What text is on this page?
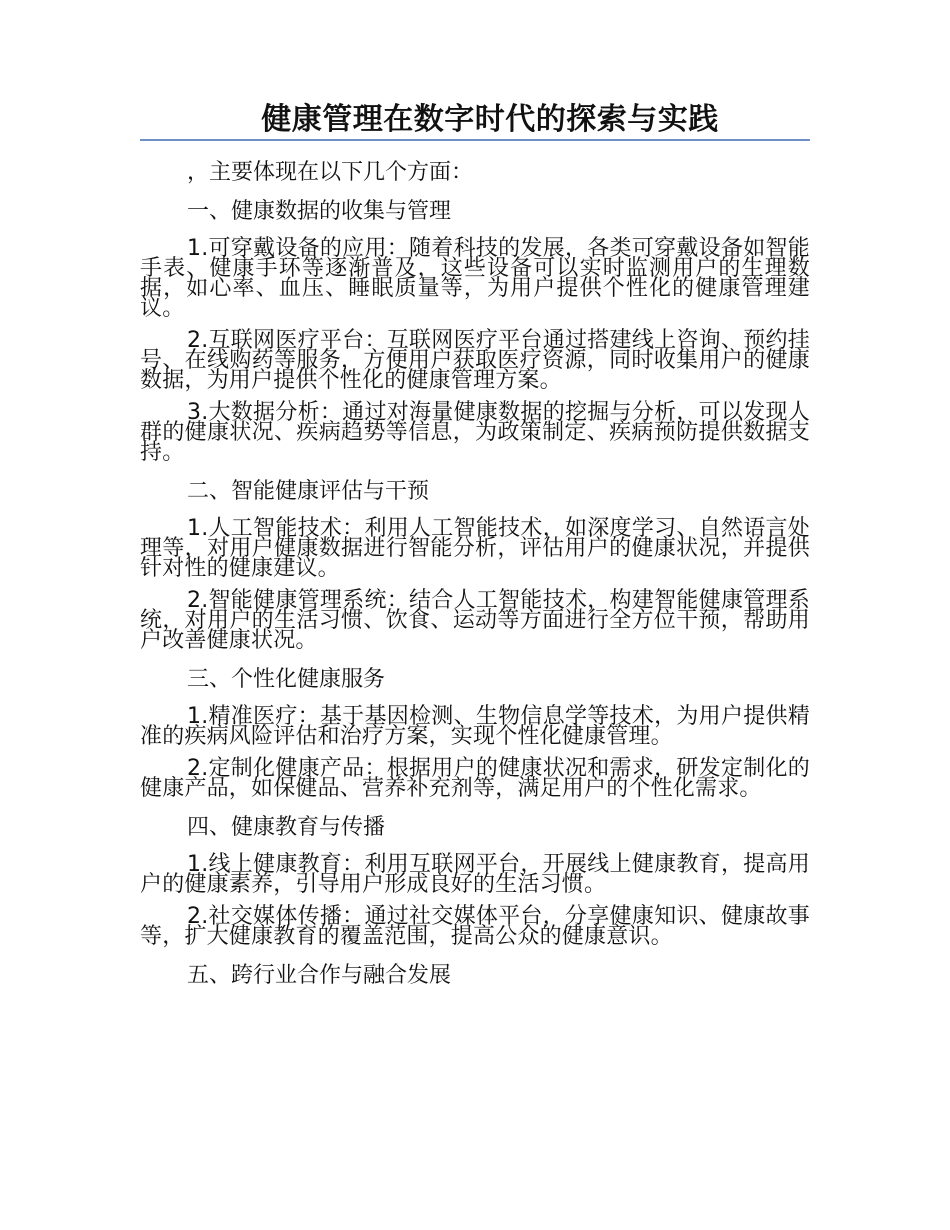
健康管理在数字时代的探索与实践

，主要体现在以下几个方面：

一、健康数据的收集与管理

1.可穿戴设备的应用：随着科技的发展，各类可穿戴设备如智能手表、健康手环等逐渐普及，这些设备可以实时监测用户的生理数据，如心率、血压、睡眠质量等，为用户提供个性化的健康管理建议。

2.互联网医疗平台：互联网医疗平台通过搭建线上咨询、预约挂号、在线购药等服务，方便用户获取医疗资源，同时收集用户的健康数据，为用户提供个性化的健康管理方案。

3.大数据分析：通过对海量健康数据的挖掘与分析，可以发现人群的健康状况、疾病趋势等信息，为政策制定、疾病预防提供数据支持。

二、智能健康评估与干预

1.人工智能技术：利用人工智能技术，如深度学习、自然语言处理等，对用户健康数据进行智能分析，评估用户的健康状况，并提供针对性的健康建议。

2.智能健康管理系统：结合人工智能技术，构建智能健康管理系统，对用户的生活习惯、饮食、运动等方面进行全方位干预，帮助用户改善健康状况。

三、个性化健康服务

1.精准医疗：基于基因检测、生物信息学等技术，为用户提供精准的疾病风险评估和治疗方案，实现个性化健康管理。

2.定制化健康产品：根据用户的健康状况和需求，研发定制化的健康产品，如保健品、营养补充剂等，满足用户的个性化需求。

四、健康教育与传播

1.线上健康教育：利用互联网平台，开展线上健康教育，提高用户的健康素养，引导用户形成良好的生活习惯。

2.社交媒体传播：通过社交媒体平台，分享健康知识、健康故事等，扩大健康教育的覆盖范围，提高公众的健康意识。

五、跨行业合作与融合发展
